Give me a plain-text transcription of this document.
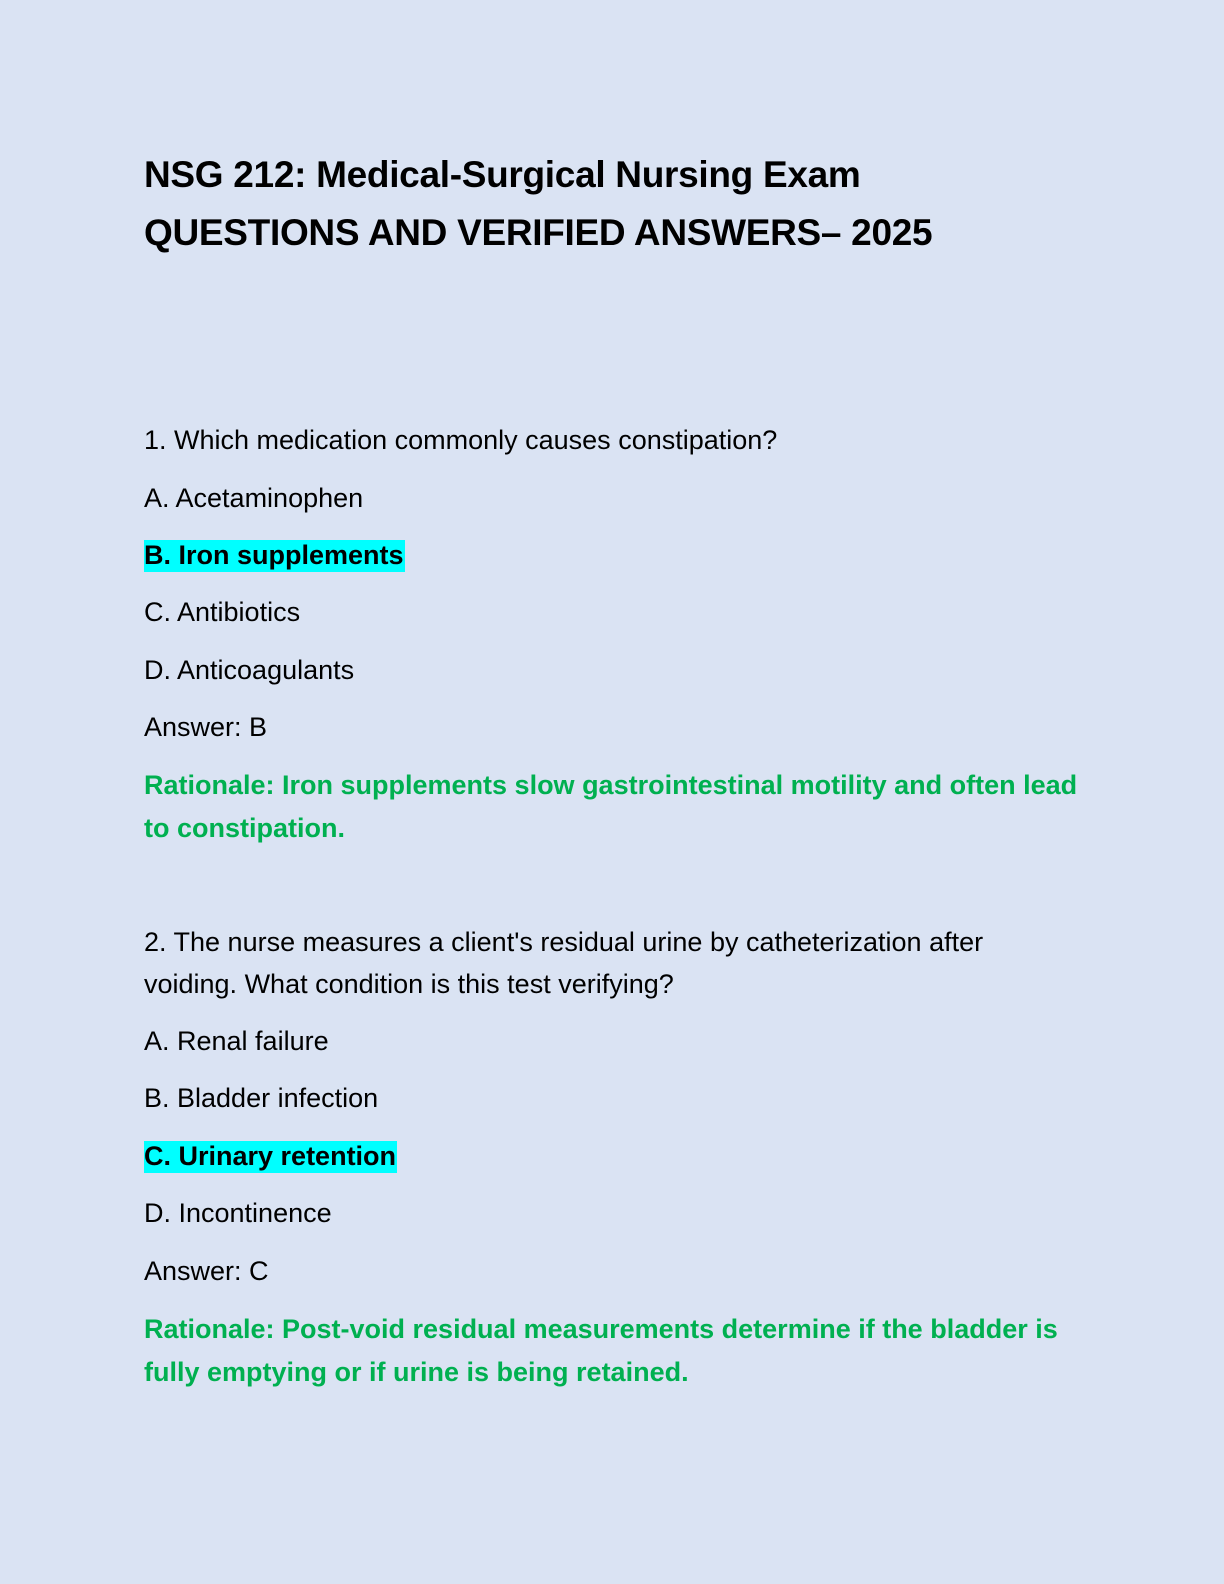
NSG 212: Medical-Surgical Nursing Exam
QUESTIONS AND VERIFIED ANSWERS– 2025
1. Which medication commonly causes constipation?
A. Acetaminophen
B. Iron supplements
C. Antibiotics
D. Anticoagulants
Answer: B
Rationale: Iron supplements slow gastrointestinal motility and often lead to constipation.
2. The nurse measures a client's residual urine by catheterization after voiding. What condition is this test verifying?
A. Renal failure
B. Bladder infection
C. Urinary retention
D. Incontinence
Answer: C
Rationale: Post-void residual measurements determine if the bladder is fully emptying or if urine is being retained.
